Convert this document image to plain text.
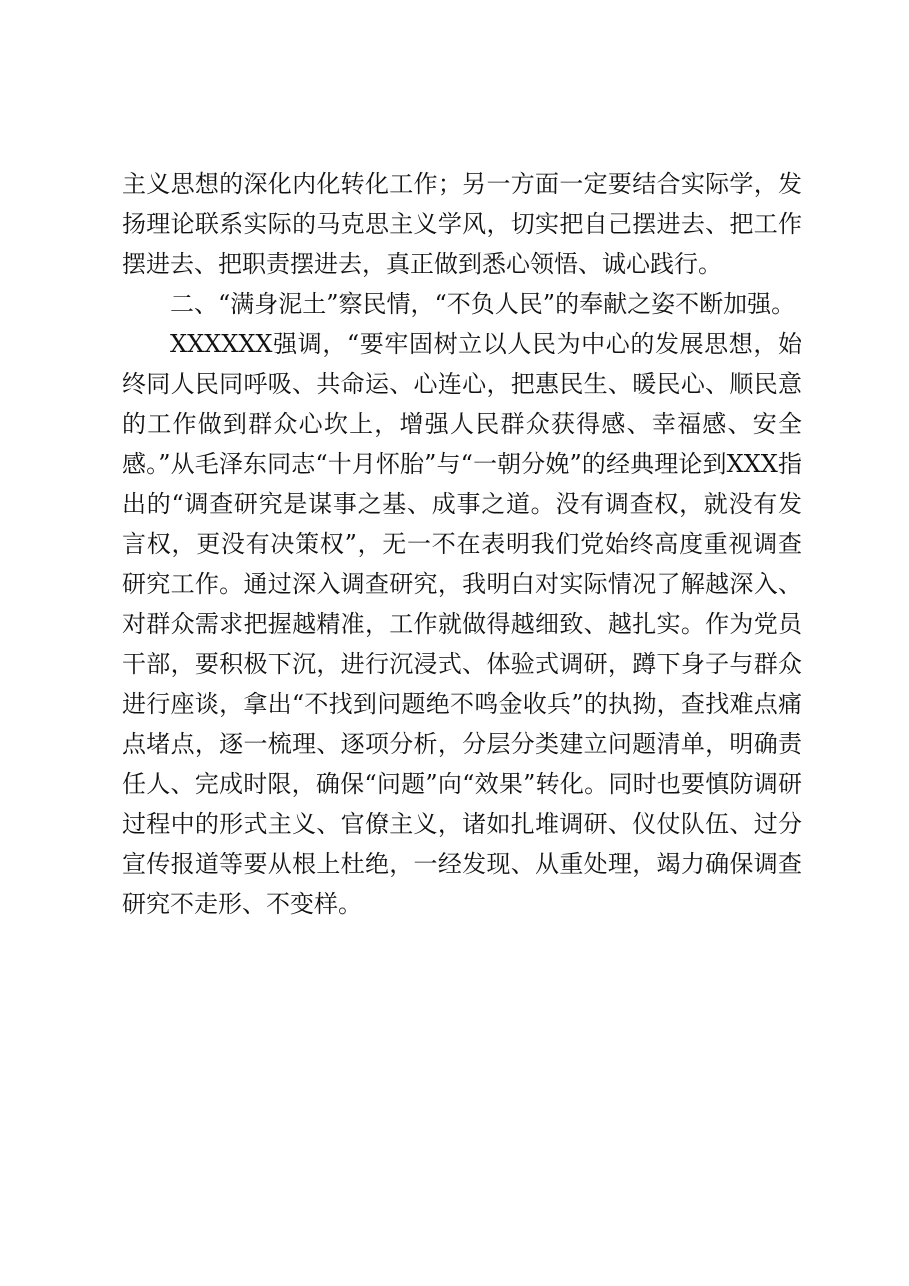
主义思想的深化内化转化工作；另一方面一定要结合实际学，发扬理论联系实际的马克思主义学风，切实把自己摆进去、把工作摆进去、把职责摆进去，真正做到悉心领悟、诚心践行。

二、“满身泥土”察民情，“不负人民”的奉献之姿不断加强。

XXXXXX强调，“要牢固树立以人民为中心的发展思想，始终同人民同呼吸、共命运、心连心，把惠民生、暖民心、顺民意的工作做到群众心坎上，增强人民群众获得感、幸福感、安全感。”从毛泽东同志“十月怀胎”与“一朝分娩”的经典理论到XXX指出的“调查研究是谋事之基、成事之道。没有调查权，就没有发言权，更没有决策权”，无一不在表明我们党始终高度重视调查研究工作。通过深入调查研究，我明白对实际情况了解越深入、对群众需求把握越精准，工作就做得越细致、越扎实。作为党员干部，要积极下沉，进行沉浸式、体验式调研，蹲下身子与群众进行座谈，拿出“不找到问题绝不鸣金收兵”的执拗，查找难点痛点堵点，逐一梳理、逐项分析，分层分类建立问题清单，明确责任人、完成时限，确保“问题”向“效果”转化。同时也要慎防调研过程中的形式主义、官僚主义，诸如扎堆调研、仪仗队伍、过分宣传报道等要从根上杜绝，一经发现、从重处理，竭力确保调查研究不走形、不变样。
